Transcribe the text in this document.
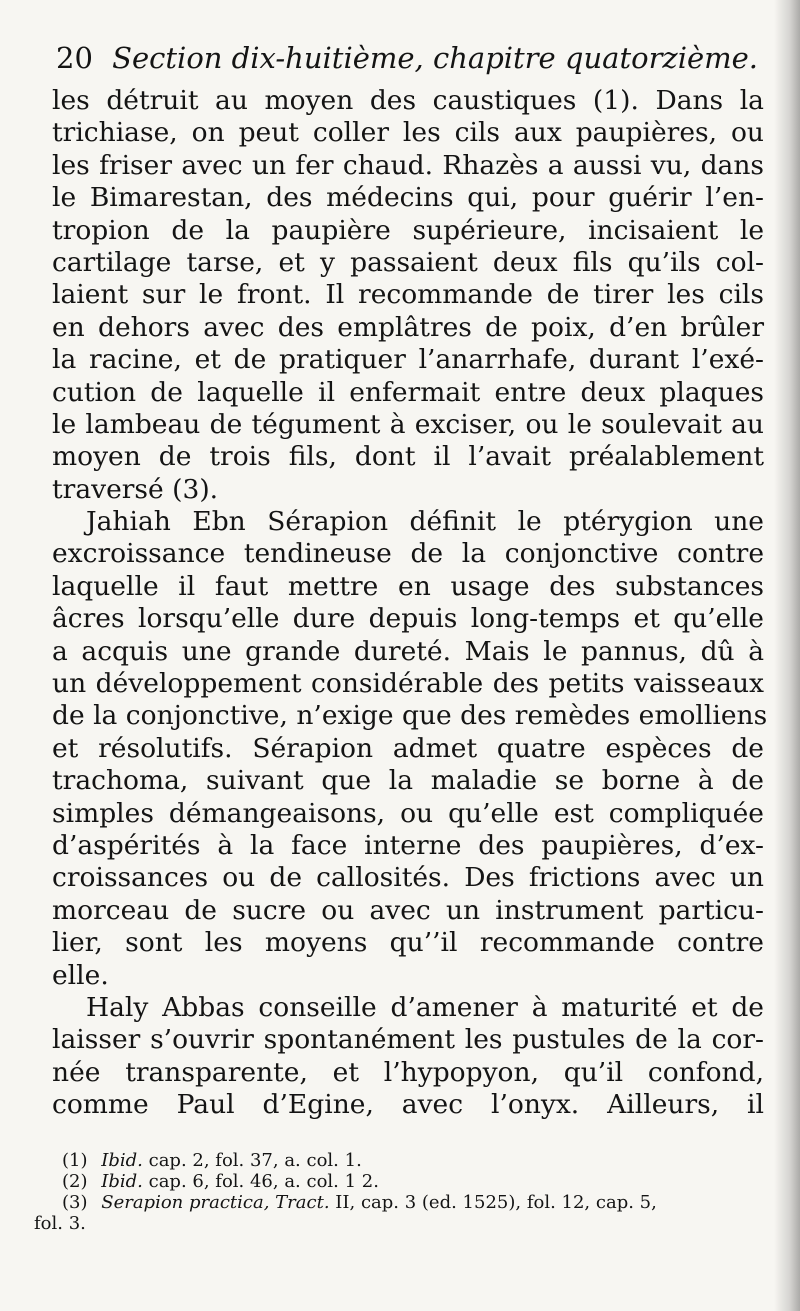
20 Section dix-huitième, chapitre quatorzième.
les détruit au moyen des caustiques (1). Dans la
trichiase, on peut coller les cils aux paupières, ou
les friser avec un fer chaud. Rhazès a aussi vu, dans
le Bimarestan, des médecins qui, pour guérir l’en-
tropion de la paupière supérieure, incisaient le
cartilage tarse, et y passaient deux fils qu’ils col-
laient sur le front. Il recommande de tirer les cils
en dehors avec des emplâtres de poix, d’en brûler
la racine, et de pratiquer l’anarrhafe, durant l’exé-
cution de laquelle il enfermait entre deux plaques
le lambeau de tégument à exciser, ou le soulevait au
moyen de trois fils, dont il l’avait préalablement
traversé (3).
Jahiah Ebn Sérapion définit le ptérygion une
excroissance tendineuse de la conjonctive contre
laquelle il faut mettre en usage des substances
âcres lorsqu’elle dure depuis long-temps et qu’elle
a acquis une grande dureté. Mais le pannus, dû à
un développement considérable des petits vaisseaux
de la conjonctive, n’exige que des remèdes emolliens
et résolutifs. Sérapion admet quatre espèces de
trachoma, suivant que la maladie se borne à de
simples démangeaisons, ou qu’elle est compliquée
d’aspérités à la face interne des paupières, d’ex-
croissances ou de callosités. Des frictions avec un
morceau de sucre ou avec un instrument particu-
lier, sont les moyens qu’’il recommande contre
elle.
Haly Abbas conseille d’amener à maturité et de
laisser s’ouvrir spontanément les pustules de la cor-
née transparente, et l’hypopyon, qu’il confond,
comme Paul d’Egine, avec l’onyx. Ailleurs, il
(1) Ibid. cap. 2, fol. 37, a. col. 1.
(2) Ibid. cap. 6, fol. 46, a. col. 1 2.
(3) Serapion practica, Tract. II, cap. 3 (ed. 1525), fol. 12, cap. 5,
fol. 3.
